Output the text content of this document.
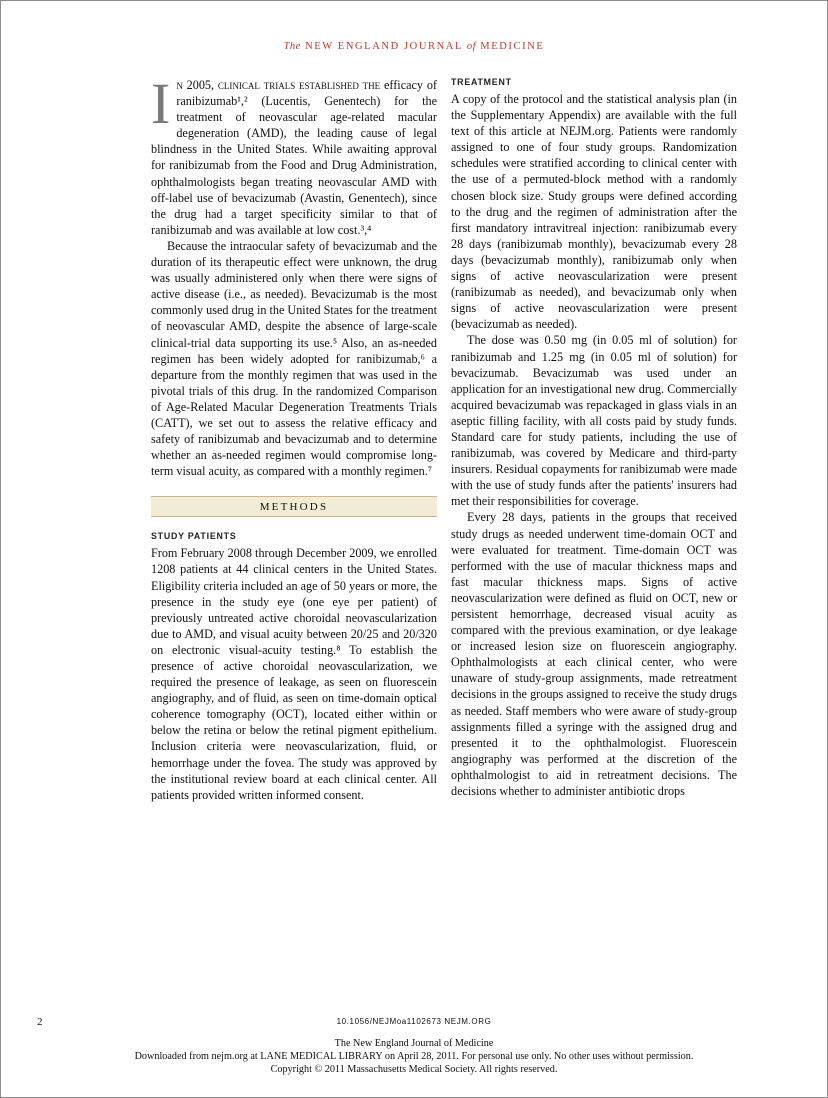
The NEW ENGLAND JOURNAL of MEDICINE

In 2005, clinical trials established the efficacy of ranibizumab¹,² (Lucentis, Genentech) for the treatment of neovascular age-related macular degeneration (AMD), the leading cause of legal blindness in the United States. While awaiting approval for ranibizumab from the Food and Drug Administration, ophthalmologists began treating neovascular AMD with off-label use of bevacizumab (Avastin, Genentech), since the drug had a target specificity similar to that of ranibizumab and was available at low cost.³,⁴

Because the intraocular safety of bevacizumab and the duration of its therapeutic effect were unknown, the drug was usually administered only when there were signs of active disease (i.e., as needed). Bevacizumab is the most commonly used drug in the United States for the treatment of neovascular AMD, despite the absence of large-scale clinical-trial data supporting its use.⁵ Also, an as-needed regimen has been widely adopted for ranibizumab,⁶ a departure from the monthly regimen that was used in the pivotal trials of this drug. In the randomized Comparison of Age-Related Macular Degeneration Treatments Trials (CATT), we set out to assess the relative efficacy and safety of ranibizumab and bevacizumab and to determine whether an as-needed regimen would compromise long-term visual acuity, as compared with a monthly regimen.⁷

METHODS
STUDY PATIENTS

From February 2008 through December 2009, we enrolled 1208 patients at 44 clinical centers in the United States. Eligibility criteria included an age of 50 years or more, the presence in the study eye (one eye per patient) of previously untreated active choroidal neovascularization due to AMD, and visual acuity between 20/25 and 20/320 on electronic visual-acuity testing.⁸ To establish the presence of active choroidal neovascularization, we required the presence of leakage, as seen on fluorescein angiography, and of fluid, as seen on time-domain optical coherence tomography (OCT), located either within or below the retina or below the retinal pigment epithelium. Inclusion criteria were neovascularization, fluid, or hemorrhage under the fovea. The study was approved by the institutional review board at each clinical center. All patients provided written informed consent.

TREATMENT

A copy of the protocol and the statistical analysis plan (in the Supplementary Appendix) are available with the full text of this article at NEJM.org. Patients were randomly assigned to one of four study groups. Randomization schedules were stratified according to clinical center with the use of a permuted-block method with a randomly chosen block size. Study groups were defined according to the drug and the regimen of administration after the first mandatory intravitreal injection: ranibizumab every 28 days (ranibizumab monthly), bevacizumab every 28 days (bevacizumab monthly), ranibizumab only when signs of active neovascularization were present (ranibizumab as needed), and bevacizumab only when signs of active neovascularization were present (bevacizumab as needed).

The dose was 0.50 mg (in 0.05 ml of solution) for ranibizumab and 1.25 mg (in 0.05 ml of solution) for bevacizumab. Bevacizumab was used under an application for an investigational new drug. Commercially acquired bevacizumab was repackaged in glass vials in an aseptic filling facility, with all costs paid by study funds. Standard care for study patients, including the use of ranibizumab, was covered by Medicare and third-party insurers. Residual copayments for ranibizumab were made with the use of study funds after the patients' insurers had met their responsibilities for coverage.

Every 28 days, patients in the groups that received study drugs as needed underwent time-domain OCT and were evaluated for treatment. Time-domain OCT was performed with the use of macular thickness maps and fast macular thickness maps. Signs of active neovascularization were defined as fluid on OCT, new or persistent hemorrhage, decreased visual acuity as compared with the previous examination, or dye leakage or increased lesion size on fluorescein angiography. Ophthalmologists at each clinical center, who were unaware of study-group assignments, made retreatment decisions in the groups assigned to receive the study drugs as needed. Staff members who were aware of study-group assignments filled a syringe with the assigned drug and presented it to the ophthalmologist. Fluorescein angiography was performed at the discretion of the ophthalmologist to aid in retreatment decisions. The decisions whether to administer antibiotic drops

2	10.1056/NEJMoa1102673 NEJM.ORG
The New England Journal of Medicine
Downloaded from nejm.org at LANE MEDICAL LIBRARY on April 28, 2011. For personal use only. No other uses without permission.
Copyright © 2011 Massachusetts Medical Society. All rights reserved.
